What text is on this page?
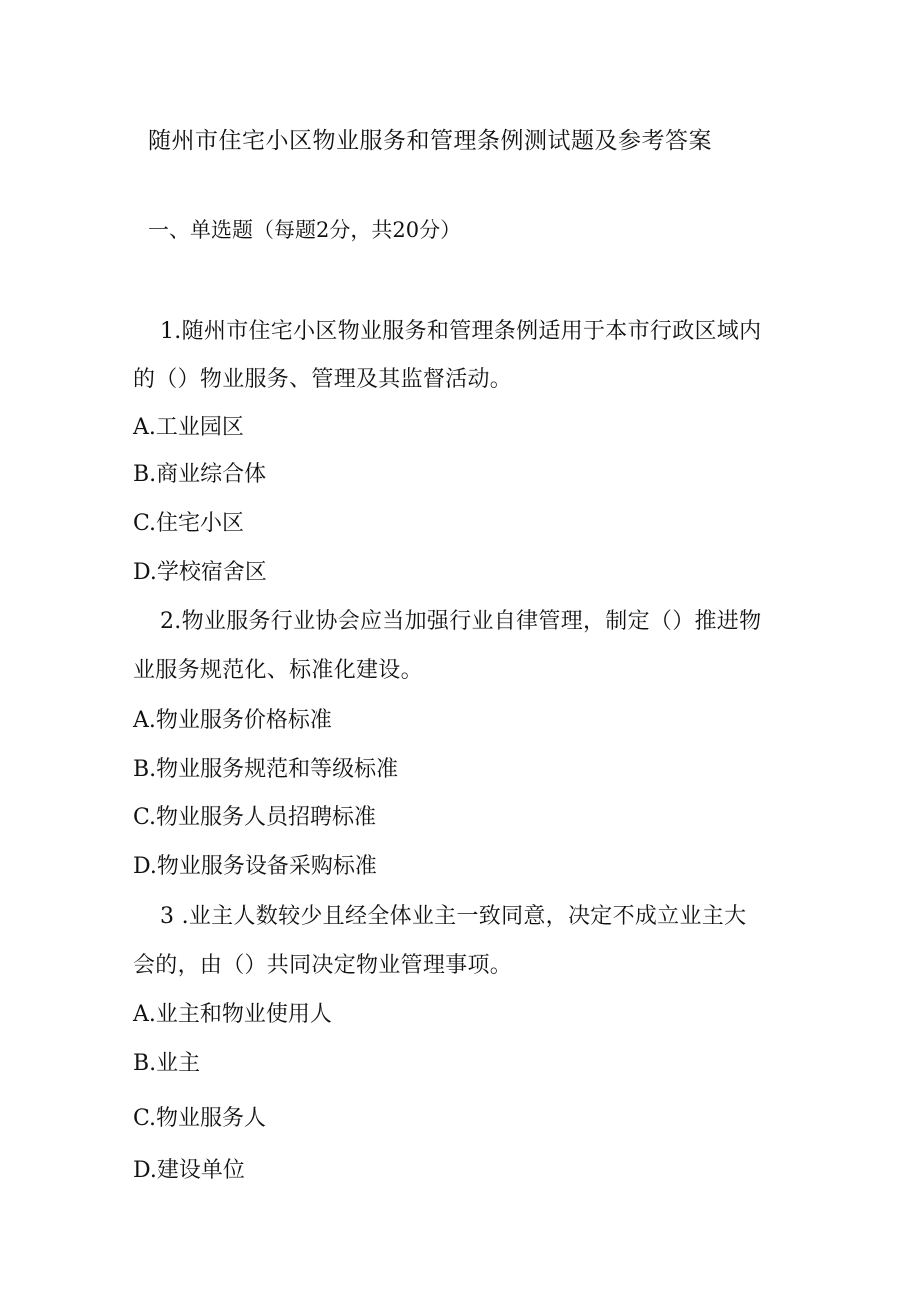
随州市住宅小区物业服务和管理条例测试题及参考答案
一、单选题（每题2分，共20分）
1.随州市住宅小区物业服务和管理条例适用于本市行政区域内
的（）物业服务、管理及其监督活动。
A.工业园区
B.商业综合体
C.住宅小区
D.学校宿舍区
2.物业服务行业协会应当加强行业自律管理，制定（）推进物
业服务规范化、标准化建设。
A.物业服务价格标准
B.物业服务规范和等级标准
C.物业服务人员招聘标准
D.物业服务设备采购标准
3 .业主人数较少且经全体业主一致同意，决定不成立业主大
会的，由（）共同决定物业管理事项。
A.业主和物业使用人
B.业主
C.物业服务人
D.建设单位
